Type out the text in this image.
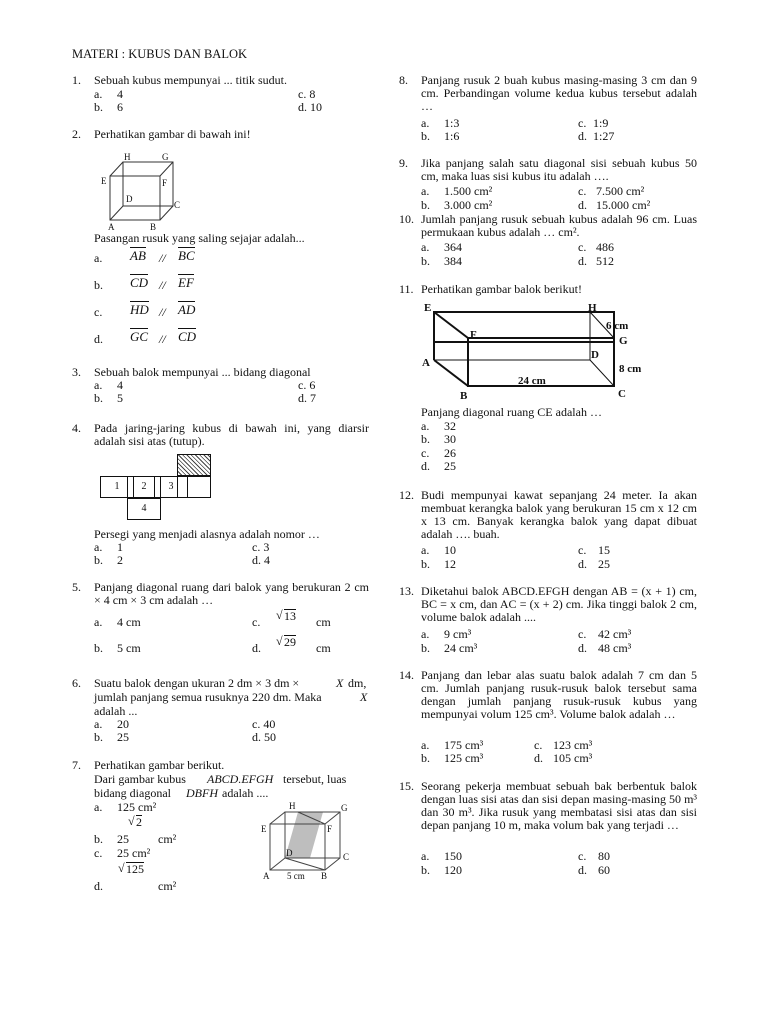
MATERI : KUBUS DAN BALOK
1. Sebuah kubus mempunyai ... titik sudut.
a. 4	c. 8
b. 6	d. 10
2. Perhatikan gambar di bawah ini!
H	G
E	F
D
C
A	B
Pasangan rusuk yang saling sejajar adalah...
a. AB // BC
b. CD // EF
c. HD // AD
d. GC // CD
3. Sebuah balok mempunyai ... bidang diagonal
a. 4	c. 6
b. 5	d. 7
4. Pada jaring-jaring kubus di bawah ini, yang diarsir adalah sisi atas (tutup).
1	2	3
4
Persegi yang menjadi alasnya adalah nomor …
a. 1	c. 3
b. 2	d. 4
5. Panjang diagonal ruang dari balok yang berukuran 2 cm × 4 cm × 3 cm adalah …
a. 4 cm	c. √ 13 cm
b. 5 cm	d. √ 29 cm
6. Suatu balok dengan ukuran 2 dm × 3 dm ×	X dm,
jumlah panjang semua rusuknya 220 dm. Maka	X
adalah ...
a. 20	c. 40
b. 25	d. 50
7. Perhatikan gambar berikut.
Dari gambar kubus ABCD.EFGH tersebut, luas
bidang diagonal DBFH adalah ....
a. 125 cm²
√ 2
b. 25 cm²
c. 25 cm²
√ 125
d.	cm²
H	G
E	F
D	C
A 5 cm B
8. Panjang rusuk 2 buah kubus masing-masing 3 cm dan 9 cm. Perbandingan volume kedua kubus tersebut adalah …
a. 1:3	c. 1:9
b. 1:6	d. 1:27
9. Jika panjang salah satu diagonal sisi sebuah kubus 50 cm, maka luas sisi kubus itu adalah ….
a. 1.500 cm²	c. 7.500 cm²
b. 3.000 cm²	d. 15.000 cm²
10. Jumlah panjang rusuk sebuah kubus adalah 96 cm. Luas permukaan kubus adalah … cm².
a. 364	c. 486
b. 384	d. 512
11. Perhatikan gambar balok berikut!
E	H
F	G
A
D
B	C
6 cm
8 cm
24 cm
Panjang diagonal ruang CE adalah …
a. 32
b. 30
c. 26
d. 25
12. Budi mempunyai kawat sepanjang 24 meter. Ia akan membuat kerangka balok yang berukuran 15 cm x 12 cm x 13 cm. Banyak kerangka balok yang dapat dibuat adalah …. buah.
a. 10	c. 15
b. 12	d. 25
13. Diketahui balok ABCD.EFGH dengan AB = (x + 1) cm, BC = x cm, dan AC = (x + 2) cm. Jika tinggi balok 2 cm, volume balok adalah ....
a. 9 cm³	c. 42 cm³
b. 24 cm³	d. 48 cm³
14. Panjang dan lebar alas suatu balok adalah 7 cm dan 5 cm. Jumlah panjang rusuk-rusuk balok tersebut sama dengan jumlah panjang rusuk-rusuk kubus yang mempunyai volum 125 cm³. Volume balok adalah …
a. 175 cm³	c. 123 cm³
b. 125 cm³	d. 105 cm³
15. Seorang pekerja membuat sebuah bak berbentuk balok dengan luas sisi atas dan sisi depan masing-masing 50 m³ dan 30 m³. Jika rusuk yang membatasi sisi atas dan sisi depan panjang 10 m, maka volum bak yang terjadi …
a. 150	c. 80
b. 120	d. 60
